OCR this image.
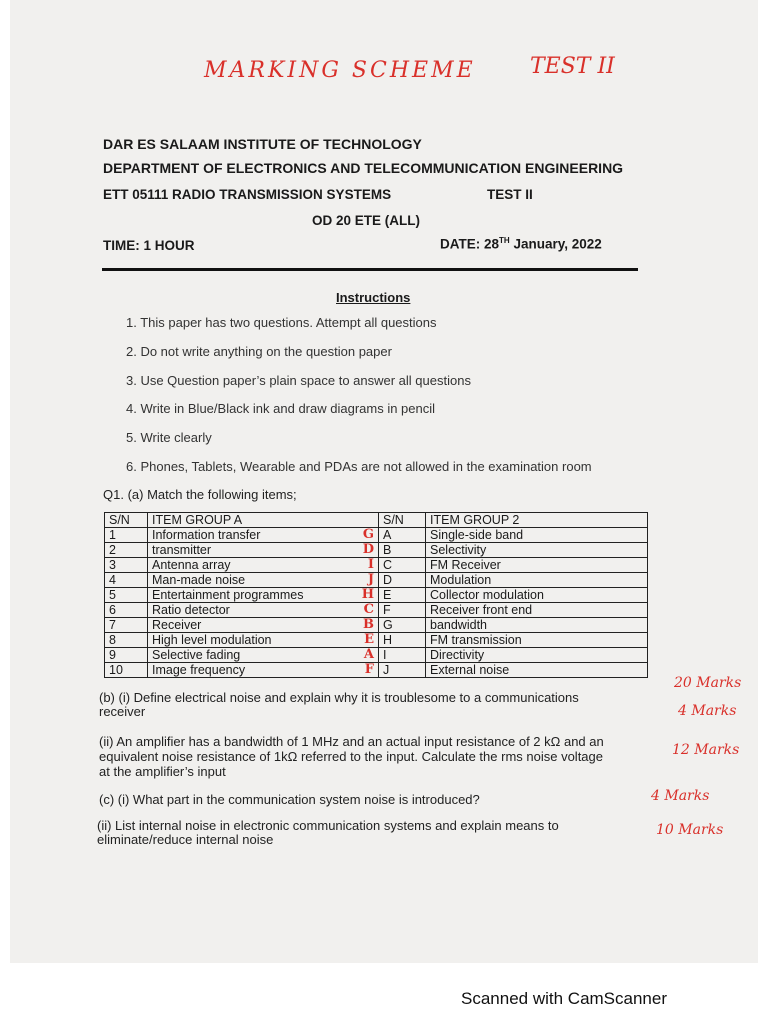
MARKING SCHEME TEST II
DAR ES SALAAM INSTITUTE OF TECHNOLOGY
DEPARTMENT OF ELECTRONICS AND TELECOMMUNICATION ENGINEERING
ETT 05111 RADIO TRANSMISSION SYSTEMS	TEST II
OD 20 ETE (ALL)
TIME: 1 HOUR	DATE: 28TH January, 2022
Instructions
1. This paper has two questions. Attempt all questions
2. Do not write anything on the question paper
3. Use Question paper’s plain space to answer all questions
4. Write in Blue/Black ink and draw diagrams in pencil
5. Write clearly
6. Phones, Tablets, Wearable and PDAs are not allowed in the examination room
Q1. (a) Match the following items;
S/N	ITEM GROUP A	S/N	ITEM GROUP 2
1	Information transfer G	A	Single-side band
2	transmitter D	B	Selectivity
3	Antenna array I	C	FM Receiver
4	Man-made noise J	D	Modulation
5	Entertainment programmes H	E	Collector modulation
6	Ratio detector C	F	Receiver front end
7	Receiver B	G	bandwidth
8	High level modulation E	H	FM transmission
9	Selective fading A	I	Directivity
10	Image frequency F	J	External noise
(b) (i) Define electrical noise and explain why it is troublesome to a communications
receiver
(ii) An amplifier has a bandwidth of 1 MHz and an actual input resistance of 2 kΩ and an
equivalent noise resistance of 1kΩ referred to the input. Calculate the rms noise voltage
at the amplifier’s input
(c) (i) What part in the communication system noise is introduced?
(ii) List internal noise in electronic communication systems and explain means to
eliminate/reduce internal noise
20 Marks
4 Marks
12 Marks
4 Marks
10 Marks
Scanned with CamScanner
